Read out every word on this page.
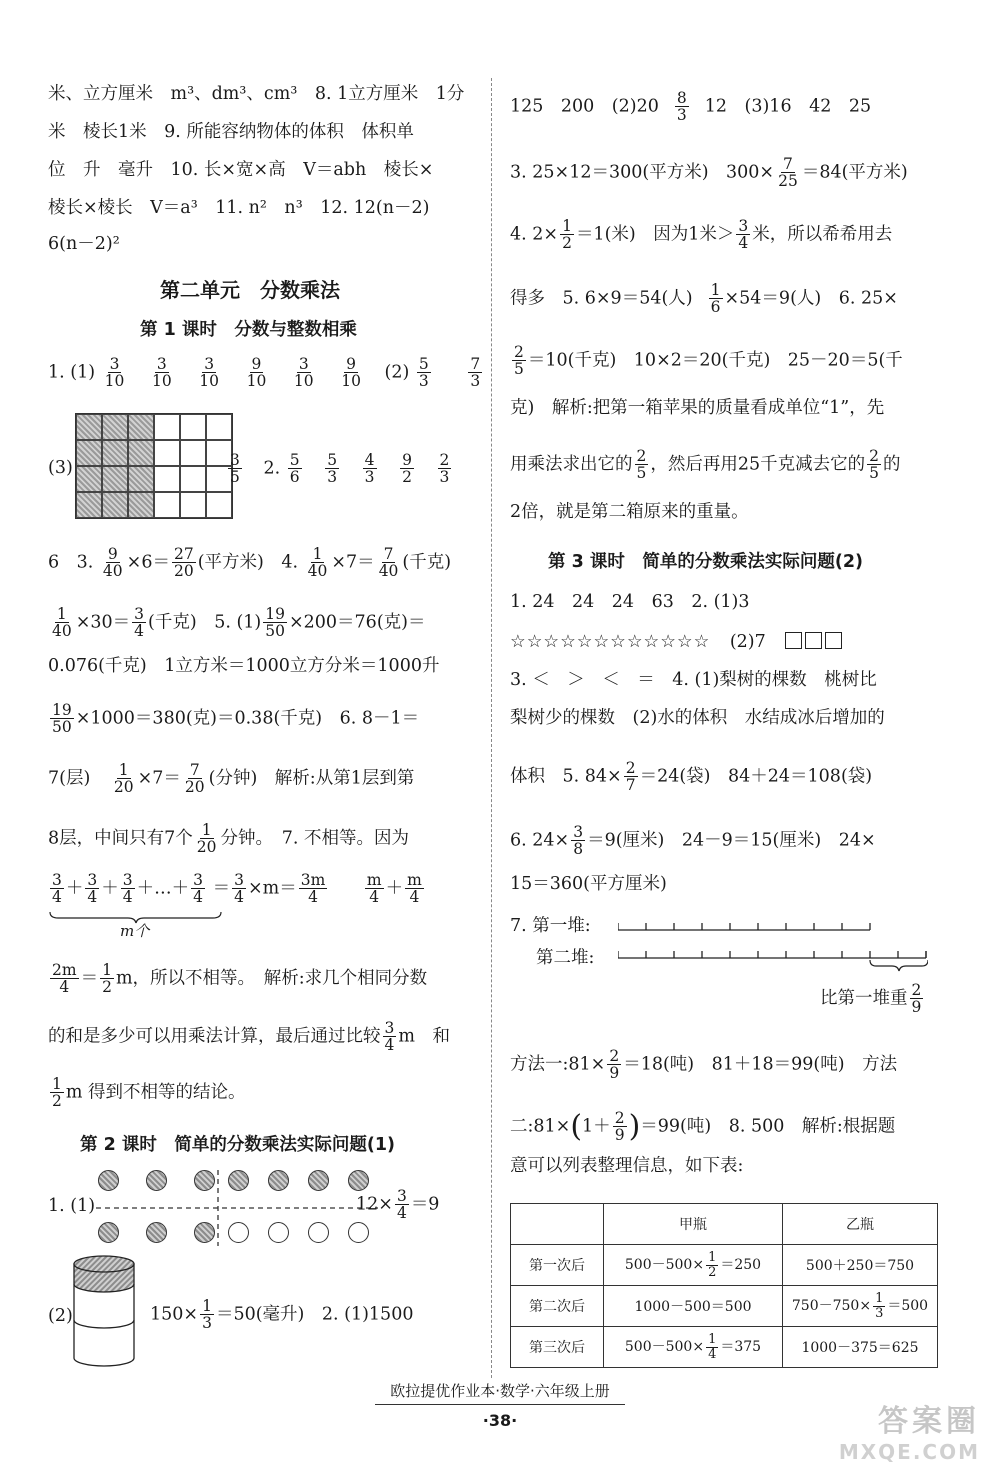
米、立方厘米　m³、dm³、cm³　8. 1立方厘米　1分
米　棱长1米　9. 所能容纳物体的体积　体积单
位　升　毫升　10. 长×宽×高　V＝abh　棱长×
棱长×棱长　V＝a³　11. n²　n³　12. 12(n－2)
6(n－2)²
第二单元　分数乘法
第 1 课时　分数与整数相乘
1. $(1) \frac{3}{10}$
$\frac{3}{10}$
$\frac{3}{10}$
$\frac{9}{10}$
$\frac{3}{10}$
$\frac{9}{10} (2) \frac{5}{3}$
$\frac{7}{3}$
(3)	$\frac{3}{5} 2$. $\frac{5}{6}$
$\frac{5}{3}$
$\frac{4}{3}$
$\frac{9}{2}$
$\frac{2}{3}$
6　3. $\frac{9}{40} \times 6= \frac{27}{20}$ (平方米)　4. $\frac{1}{40} \times 7= \frac{7}{40}$ (千克)
$\frac{1}{40} \times 30= \frac{3}{4}$ (千克)　5. $(1) \frac{19}{50} \times 200=76$(克)＝
0.076(千克)　1立方米＝1000立方分米＝1000升
$\frac{19}{50} \times 1000=380$(克)＝0.38(千克)　6. 8－1＝
7(层) $\frac{1}{20} \times 7= \frac{7}{20}$ (分钟)　解析:从第1层到第
8层，中间只有7个 $\frac{1}{20}$ 分钟。　7. 不相等。因为
$\frac{3}{4} + \frac{3}{4} + \frac{3}{4}$ ＋…＋ $\frac{3}{4} = \frac{3}{4} \times m= \frac{3m}{4}$
$\frac{m}{4} + \frac{m}{4}$
m个
$\frac{2m}{4} = \frac{1}{2}$ m，所以不相等。　解析:求几个相同分数
的和是多少可以用乘法计算，最后通过比较 $\frac{3}{4}$ m　和
$\frac{1}{2}$ m 得到不相等的结论。
第 2 课时　简单的分数乘法实际问题(1)
1. (1)	$12\times \frac{3}{4} =9$
(2)	$150\times \frac{1}{3} =50$(毫升)　2. (1)1500
125　200　$(2)20 \frac{8}{3} 12$　(3)16　42　25
3. 25×12＝300(平方米)　$300\times \frac{7}{25} =84$(平方米)
4. $2\times \frac{1}{2} =1$(米)　因为1米＞ $\frac{3}{4}$ 米，所以希希用去
得多　5. 6×9＝54(人) $\frac{1}{6} \times 54=9$(人)　6. 25×
$\frac{2}{5} =10$(千克)　10×2＝20(千克)　25－20＝5(千
克)　解析:把第一箱苹果的质量看成单位“1”，先
用乘法求出它的 $\frac{2}{5}$ ，然后再用25千克减去它的 $\frac{2}{5}$ 的
2倍，就是第二箱原来的重量。
第 3 课时　简单的分数乘法实际问题(2)
1. 24　24　24　63　2. (1)3
☆☆☆☆☆☆☆☆☆☆☆☆ (2)7
3. ＜　＞　＜　＝　4. (1)梨树的棵数　桃树比
梨树少的棵数　(2)水的体积　水结成冰后增加的
体积　5. $84\times \frac{2}{7} =24$(袋)　84＋24＝108(袋)
6. $24\times \frac{3}{8} =9$(厘米)　24－9＝15(厘米)　24×
15＝360(平方厘米)
7. 第一堆:
第二堆:
比第一堆重 $\frac{2}{9}$
方法一:81× $\frac{2}{9} =18$(吨)　81＋18＝99(吨)　方法
二:81×(1＋ $\frac{2}{9} )=99$(吨)　8. 500　解析:根据题
意可以列表整理信息，如下表:
	甲瓶	乙瓶
第一次后	$500-500\times \frac{1}{2} =250$	500＋250＝750
第二次后	1000－500＝500	$750-750\times \frac{1}{3} =500$
第三次后	$500-500\times \frac{1}{4} =375$	1000－375＝625
欧拉提优作业本·数学·六年级上册
·38·	答案圈
MXQE.COM
